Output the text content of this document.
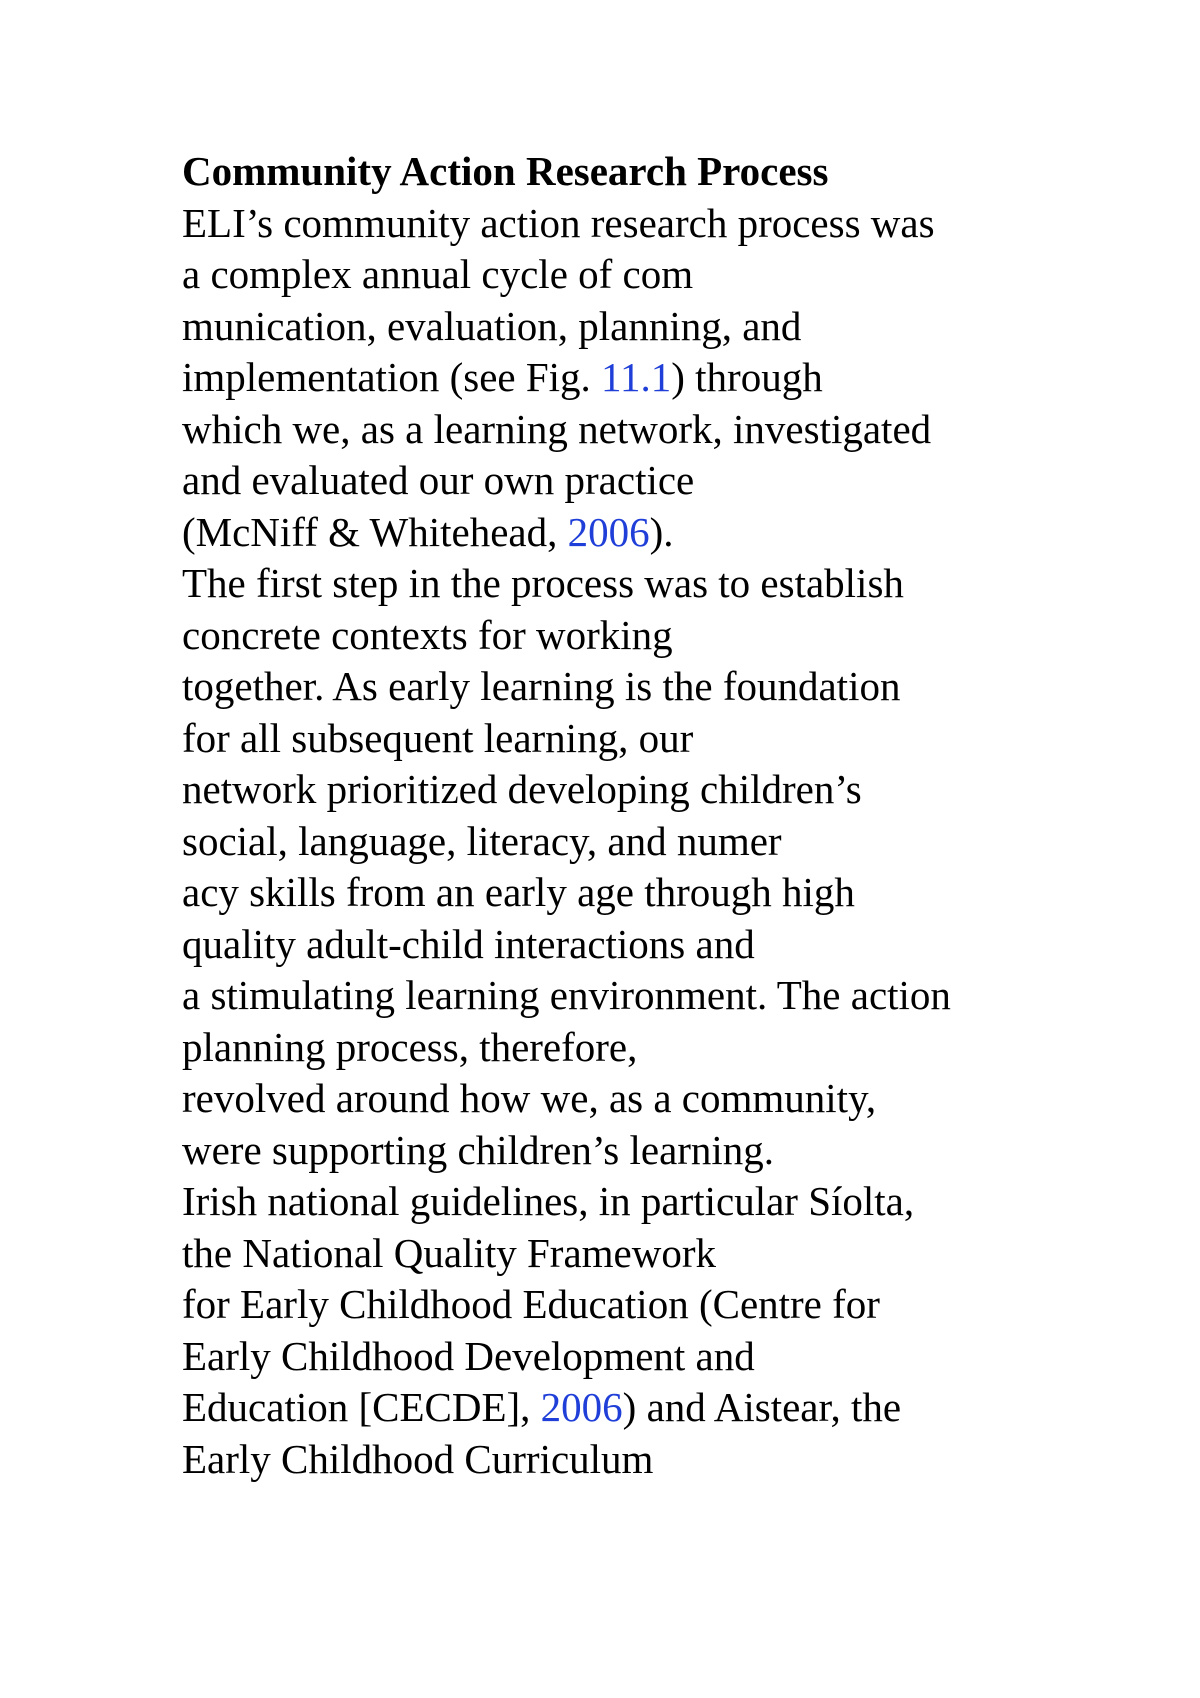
Community Action Research Process
ELI’s community action research process was
a complex annual cycle of com
munication, evaluation, planning, and
implementation (see Fig. 11.1) through
which we, as a learning network, investigated
and evaluated our own practice
(McNiff & Whitehead, 2006).
The first step in the process was to establish
concrete contexts for working
together. As early learning is the foundation
for all subsequent learning, our
network prioritized developing children’s
social, language, literacy, and numer
acy skills from an early age through high
quality adult-child interactions and
a stimulating learning environment. The action
planning process, therefore,
revolved around how we, as a community,
were supporting children’s learning.
Irish national guidelines, in particular Síolta,
the National Quality Framework
for Early Childhood Education (Centre for
Early Childhood Development and
Education [CECDE], 2006) and Aistear, the
Early Childhood Curriculum
